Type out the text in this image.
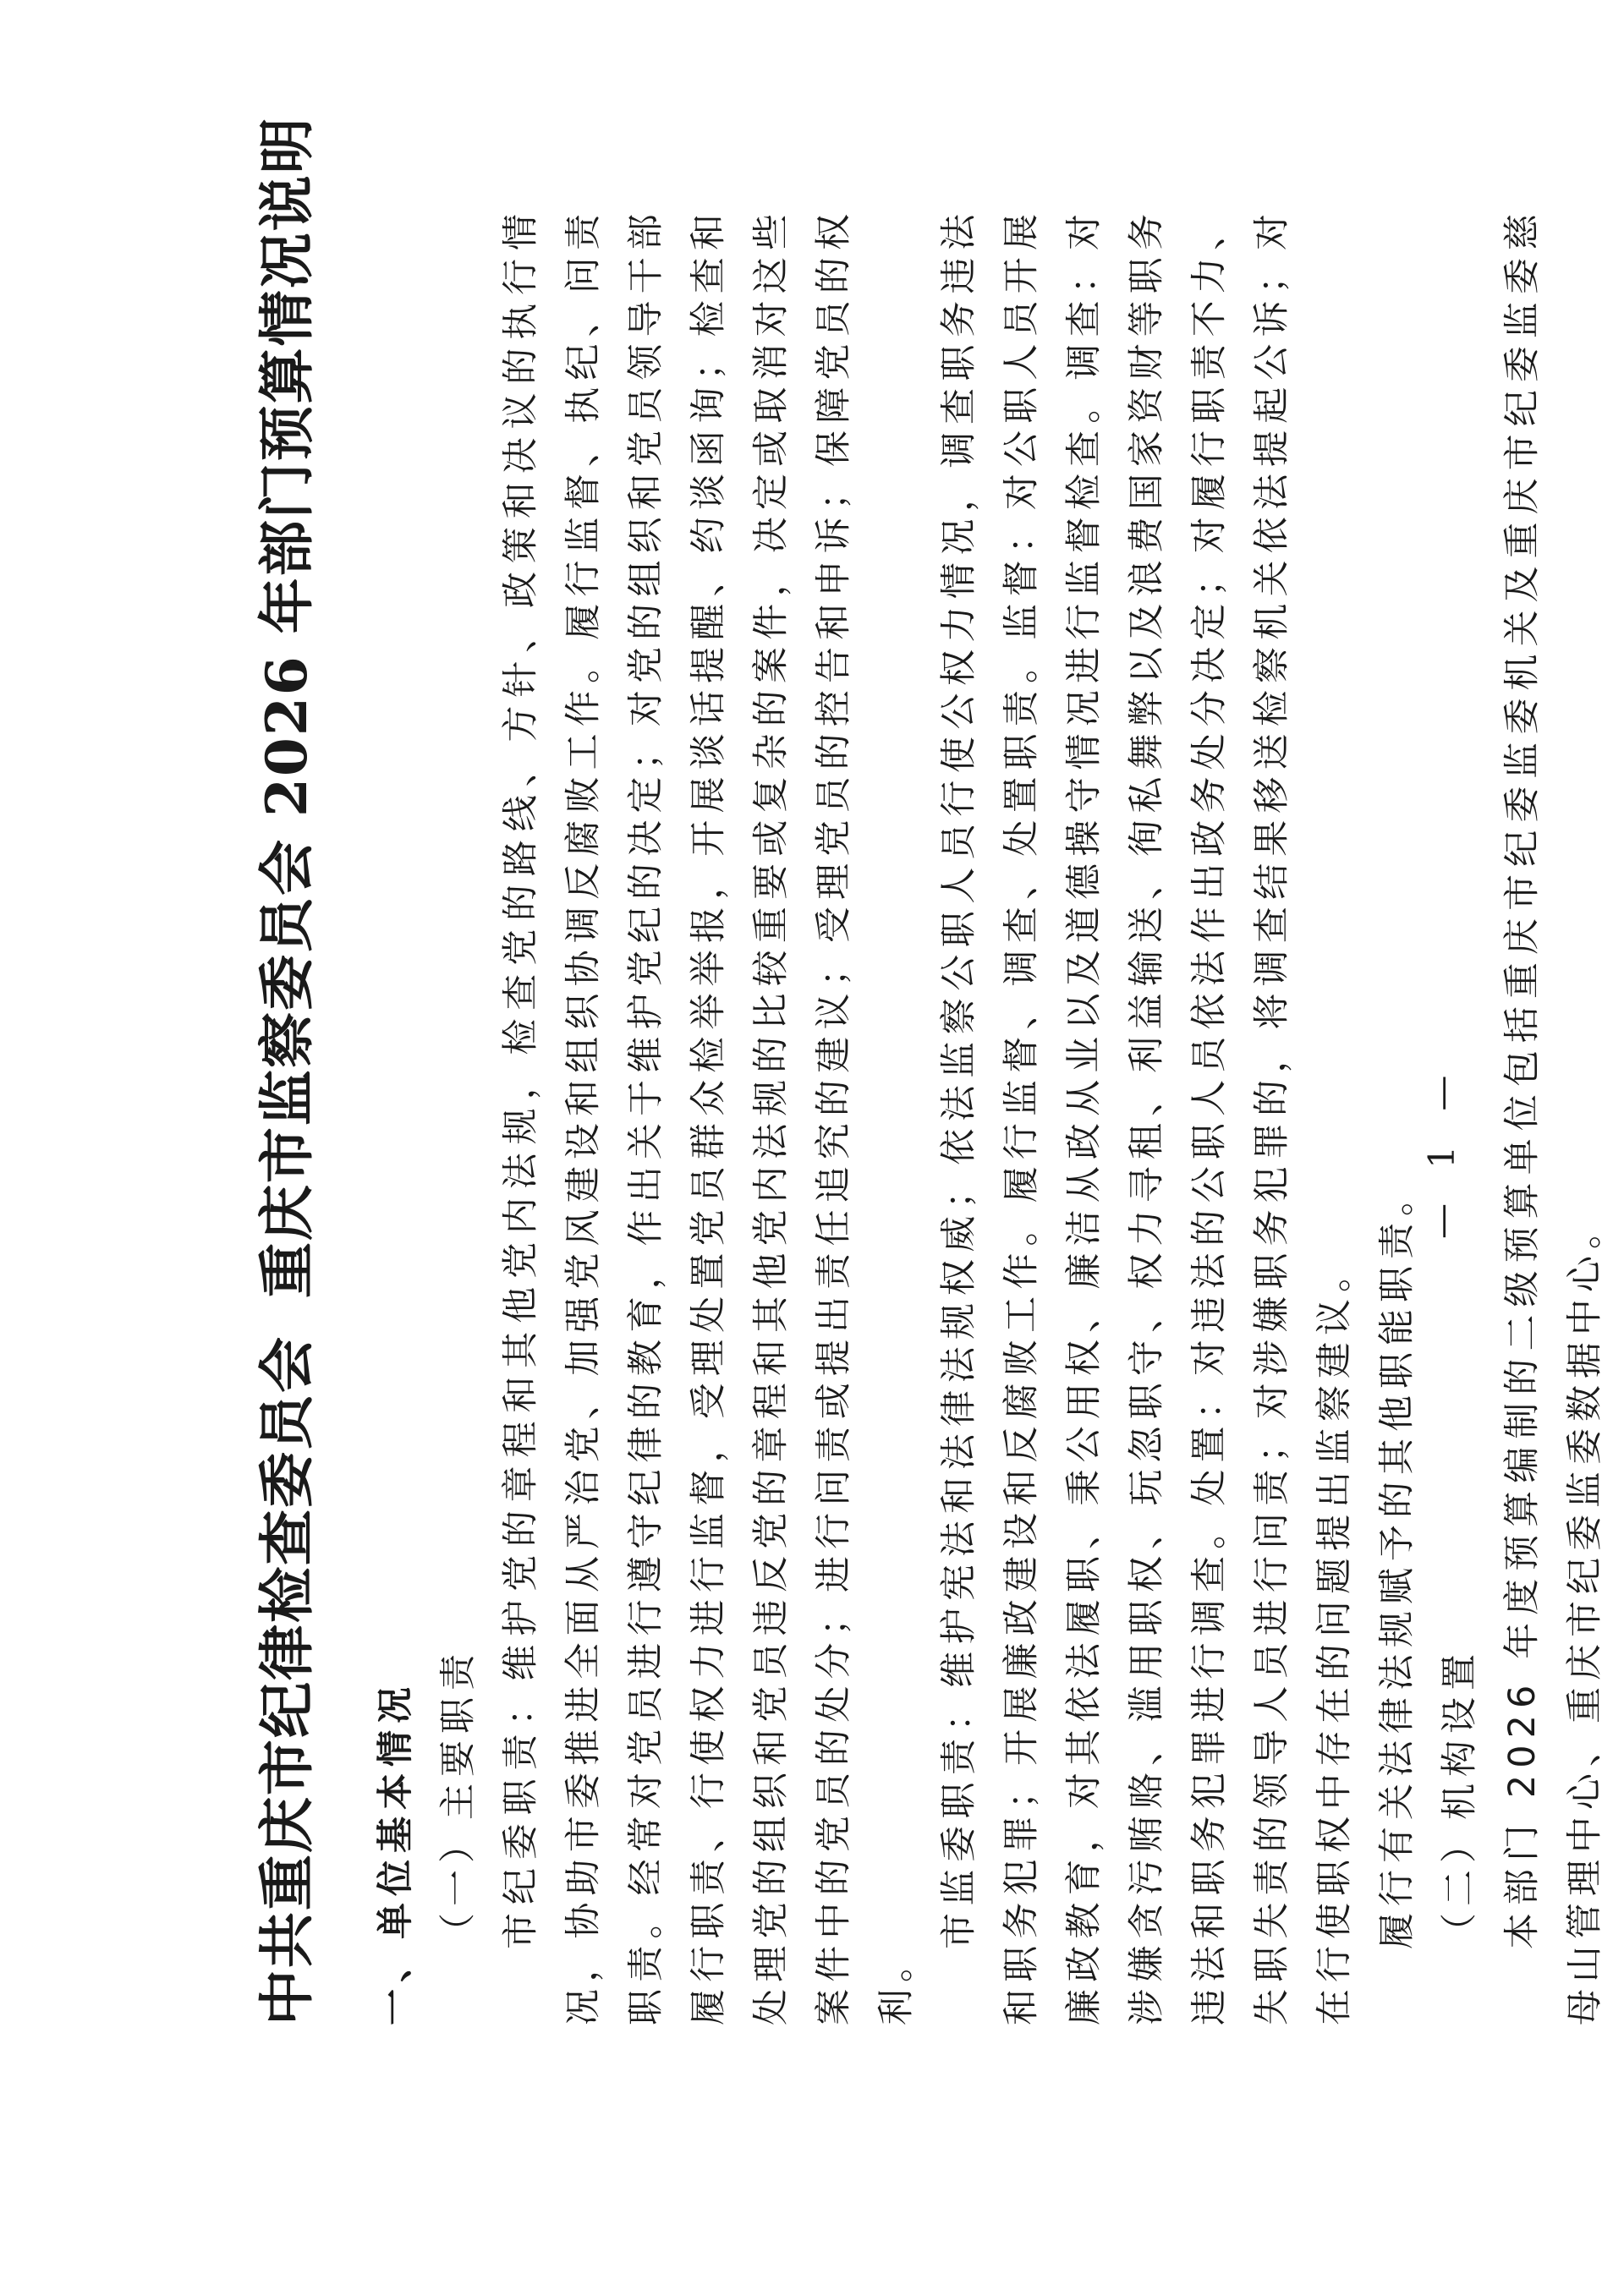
中共重庆市纪律检查委员会重庆市监察委员会 2026 年部门预算情况说明

一、单位基本情况 （一）主要职责 市纪委职责：维护党的章程和其他党内法规，检查党的路线、方针、政策和决议的执行情况，协助市委推进全面从严治党、加强党风建设和组织协调反腐败工作。履行监督、执纪、问责职责。经常对党员进行遵守纪律的教育，作出关于维护党纪的决定；对党的组织和党员领导干部履行职责、行使权力进行监督，受理处置党员群众检举举报，开展谈话提醒、约谈函询；检查和处理党的组织和党员违反党的章程和其他党内法规的比较重要或复杂的案件，决定或取消对这些案件中的党员的处分；进行问责或提出责任追究的建议；受理党员的控告和申诉；保障党员的权利。

市监委职责：维护宪法和法律法规权威；依法监察公职人员行使公权力情况，调查职务违法和职务犯罪；开展廉政建设和反腐败工作。履行监督、调查、处置职责。监督：对公职人员开展廉政教育，对其依法履职、秉公用权、廉洁从政从业以及道德操守情况进行监督检查。调查：对涉嫌贪污贿赂、滥用职权、玩忽职守、权力寻租、利益输送、徇私舞弊以及浪费国家资财等职务违法和职务犯罪进行调查。处置：对违法的公职人员依法作出政务处分决定；对履行职责不力、失职失责的领导人员进行问责；对涉嫌职务犯罪的，将调查结果移送检察机关依法提起公诉；对在行使职权中存在的问题提出监察建议。 履行有关法律法规赋予的其他职能职责。 （二）机构设置 本部门 2026 年度预算编制的二级预算单位包括重庆市纪委监委机关及重庆市纪委监委慈母山管理中心、重庆市纪委监委数据中心。

— 1 —
